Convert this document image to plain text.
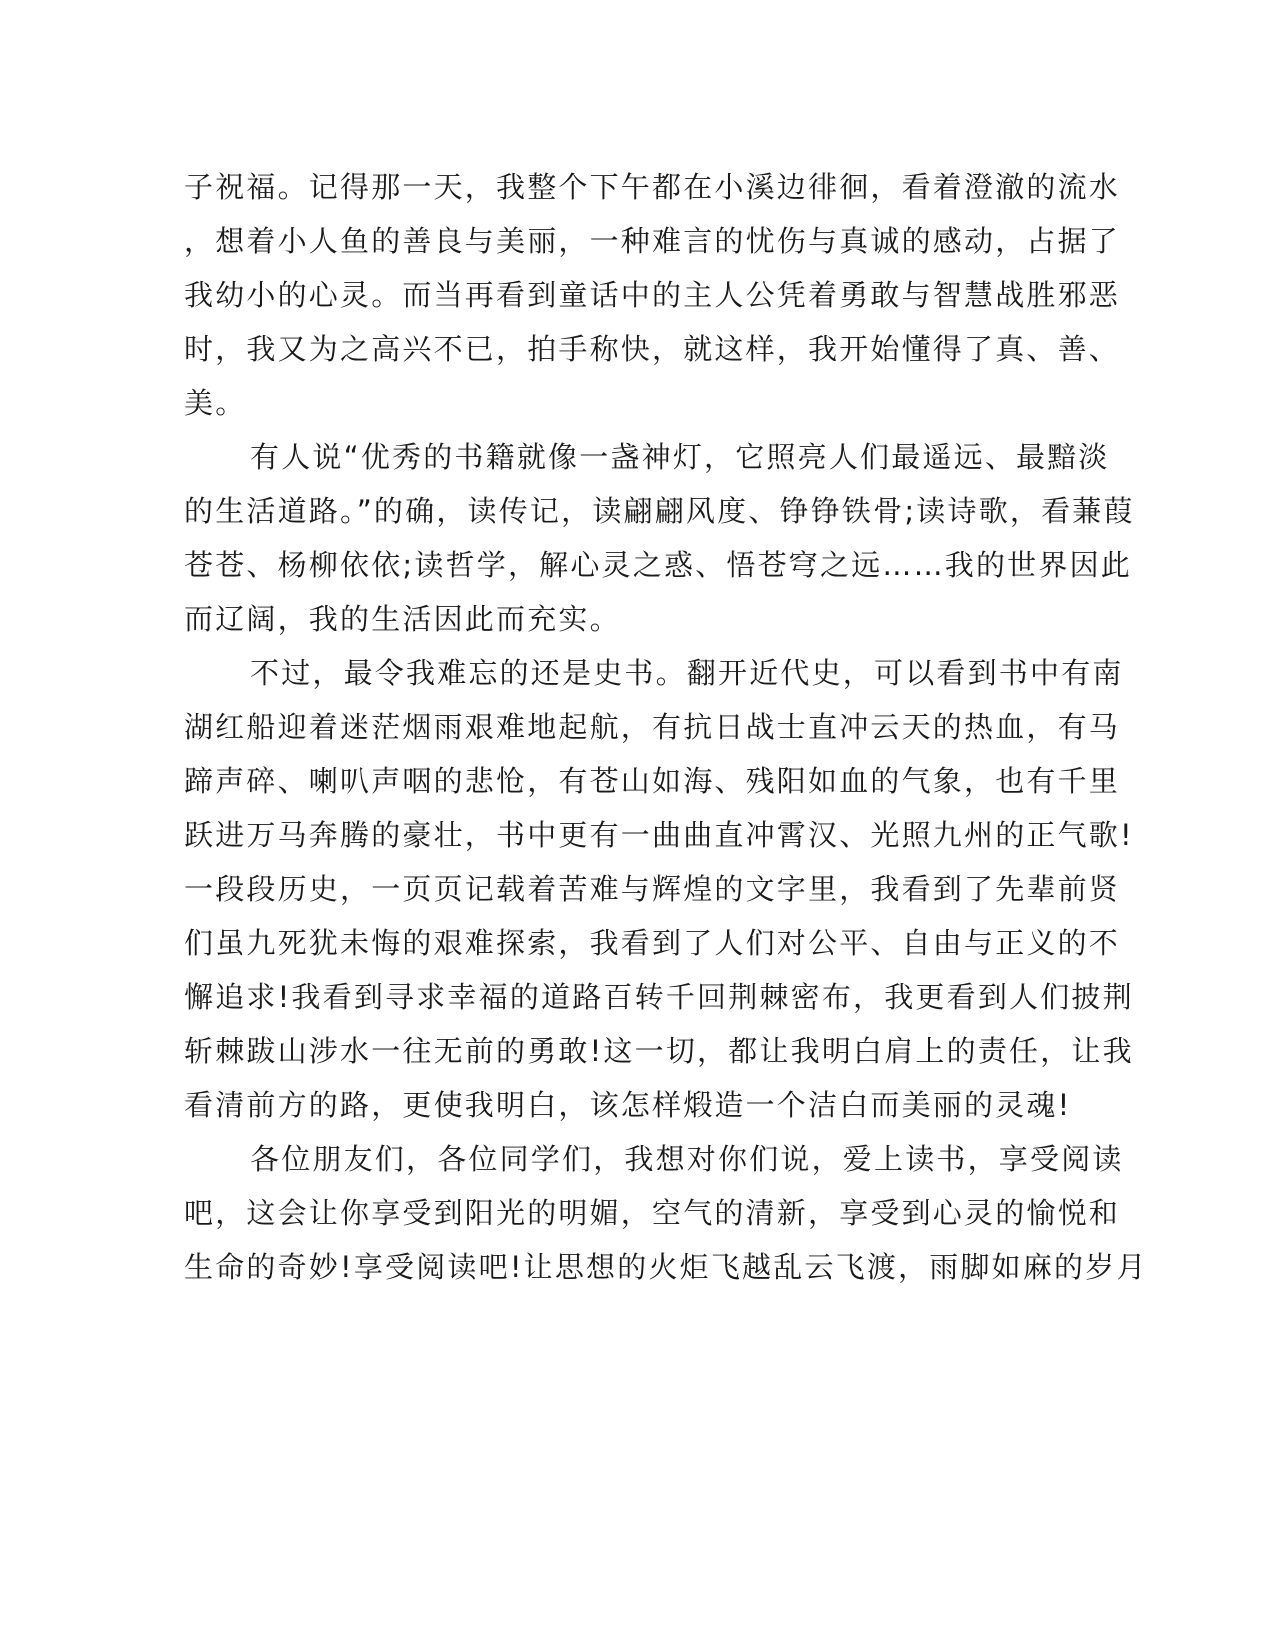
子祝福。记得那一天，我整个下午都在小溪边徘徊，看着澄澈的流水
，想着小人鱼的善良与美丽，一种难言的忧伤与真诚的感动，占据了
我幼小的心灵。而当再看到童话中的主人公凭着勇敢与智慧战胜邪恶
时，我又为之高兴不已，拍手称快，就这样，我开始懂得了真、善、
美。
有人说“优秀的书籍就像一盏神灯，它照亮人们最遥远、最黯淡
的生活道路。”的确，读传记，读翩翩风度、铮铮铁骨;读诗歌，看蒹葭
苍苍、杨柳依依;读哲学，解心灵之惑、悟苍穹之远……我的世界因此
而辽阔，我的生活因此而充实。
不过，最令我难忘的还是史书。翻开近代史，可以看到书中有南
湖红船迎着迷茫烟雨艰难地起航，有抗日战士直冲云天的热血，有马
蹄声碎、喇叭声咽的悲怆，有苍山如海、残阳如血的气象，也有千里
跃进万马奔腾的豪壮，书中更有一曲曲直冲霄汉、光照九州的正气歌!
一段段历史，一页页记载着苦难与辉煌的文字里，我看到了先辈前贤
们虽九死犹未悔的艰难探索，我看到了人们对公平、自由与正义的不
懈追求!我看到寻求幸福的道路百转千回荆棘密布，我更看到人们披荆
斩棘跋山涉水一往无前的勇敢!这一切，都让我明白肩上的责任，让我
看清前方的路，更使我明白，该怎样煅造一个洁白而美丽的灵魂!
各位朋友们，各位同学们，我想对你们说，爱上读书，享受阅读
吧，这会让你享受到阳光的明媚，空气的清新，享受到心灵的愉悦和
生命的奇妙!享受阅读吧!让思想的火炬飞越乱云飞渡，雨脚如麻的岁月
